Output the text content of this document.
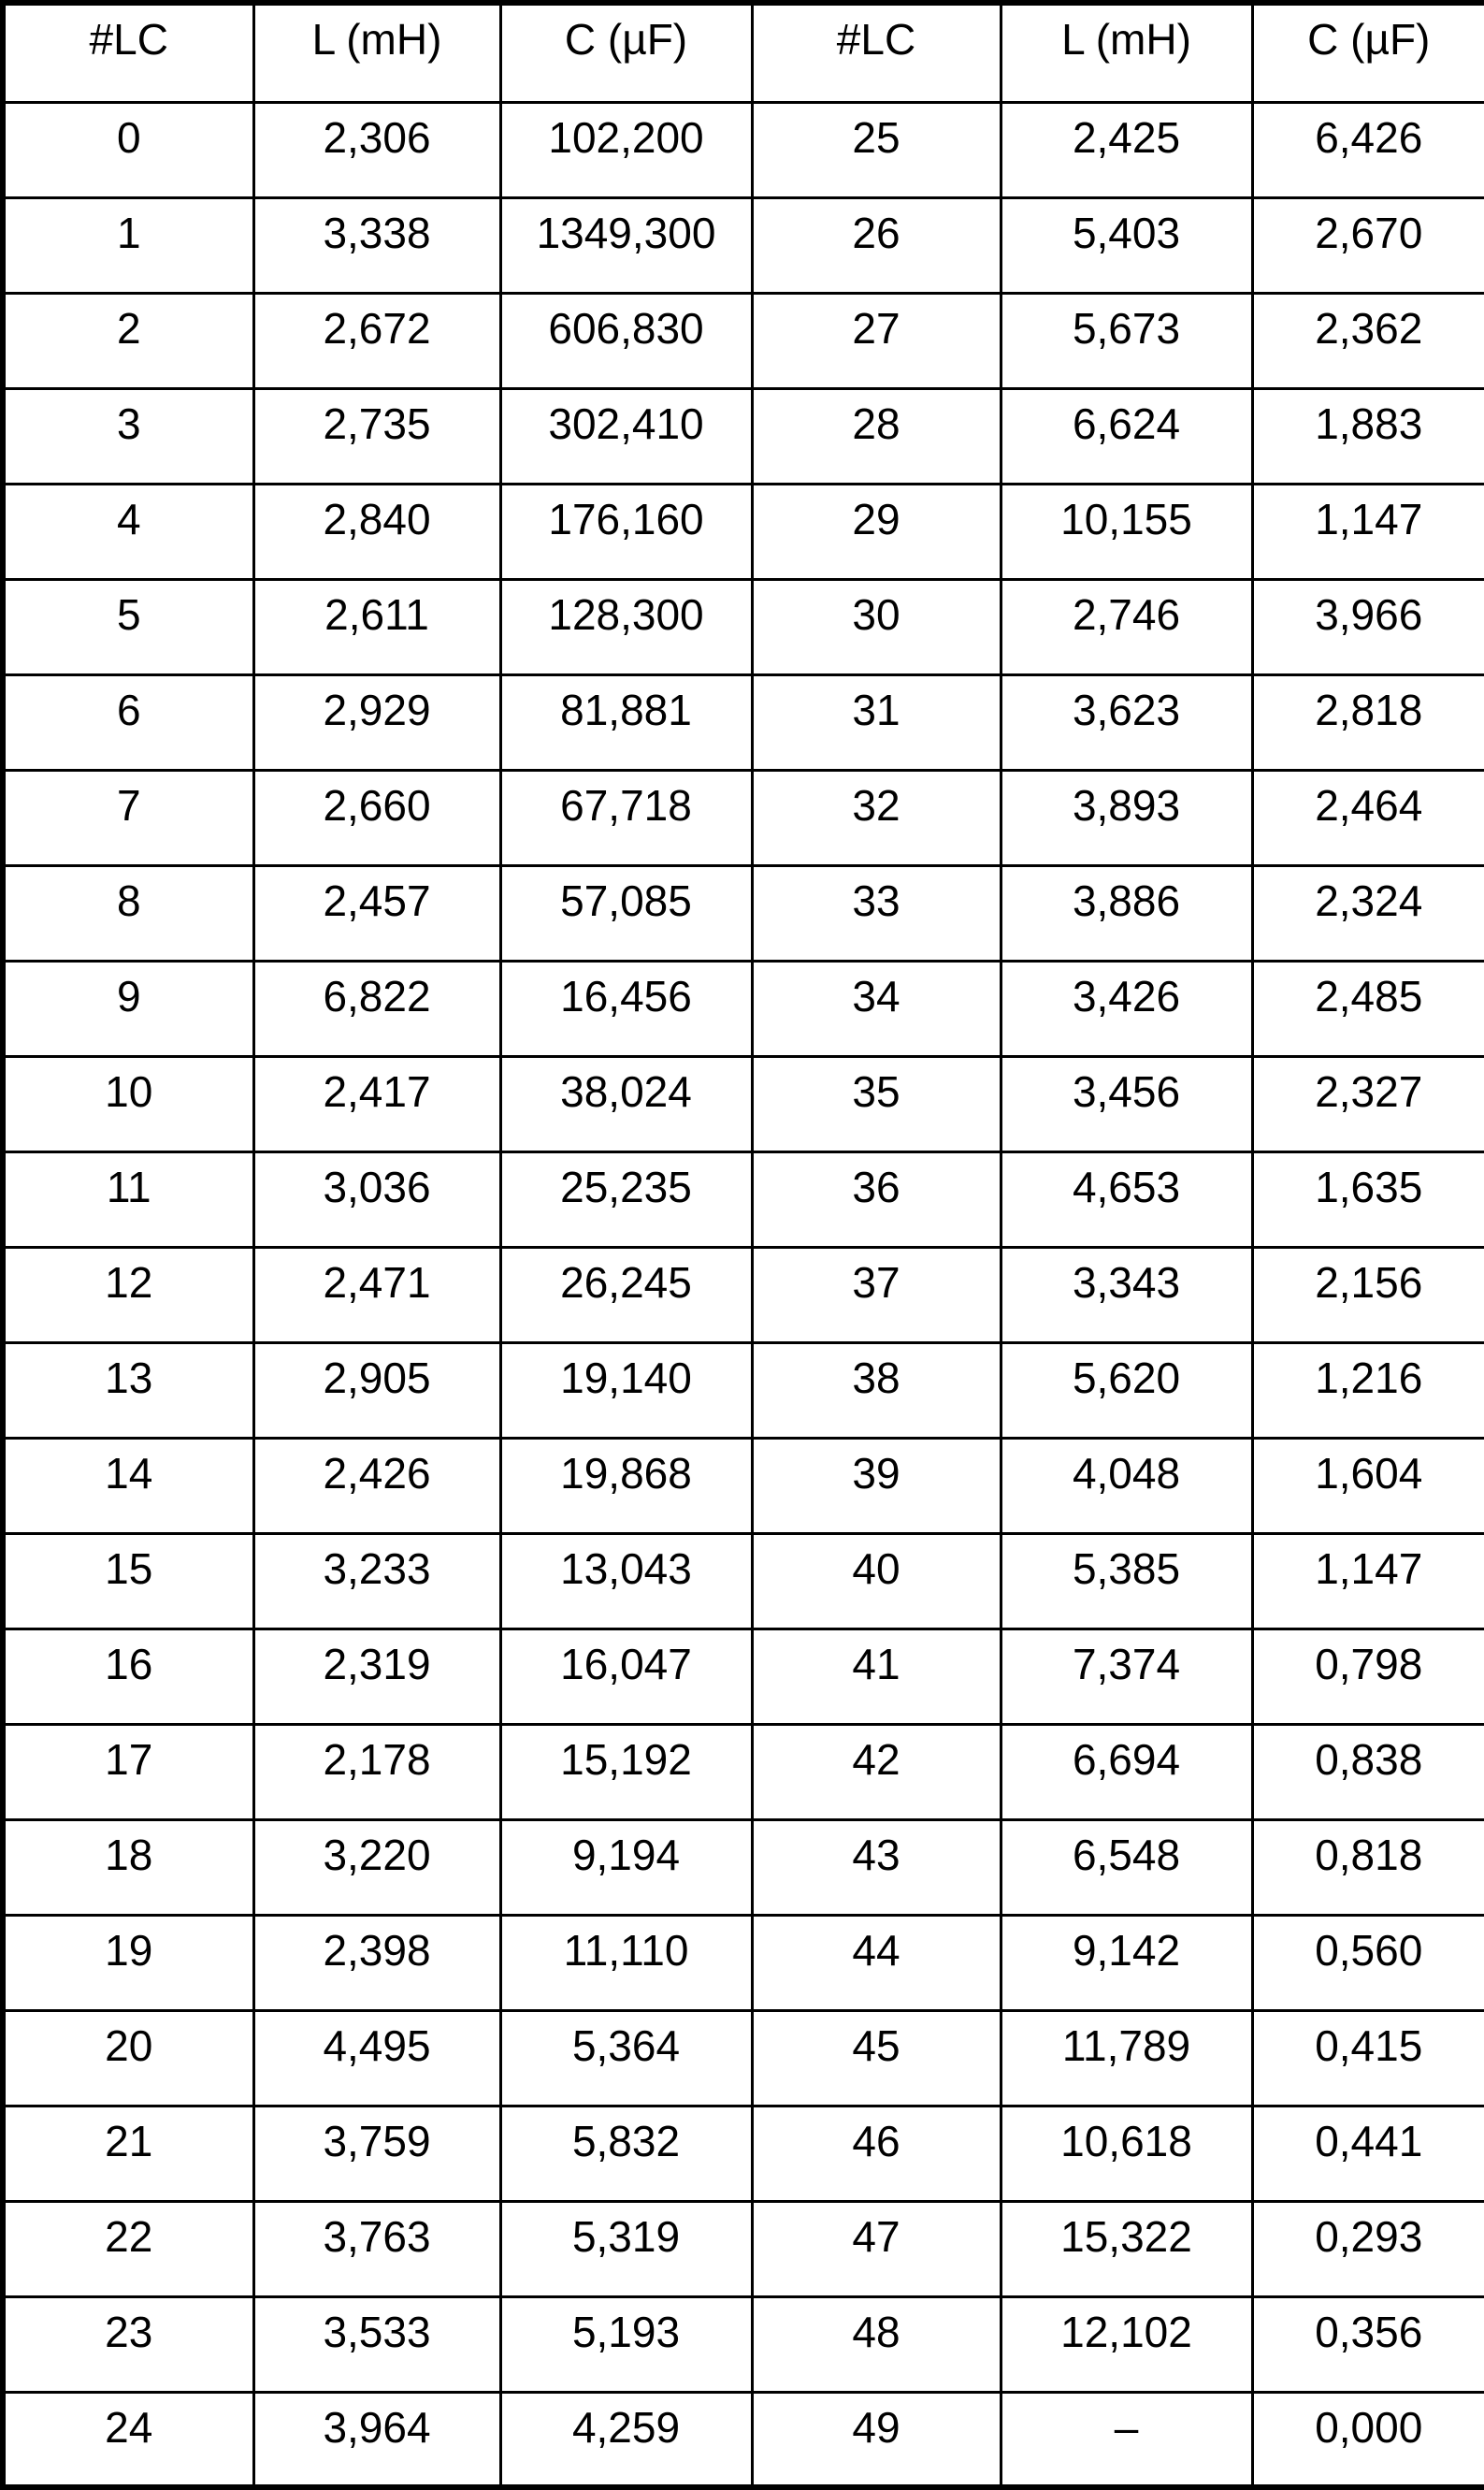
#LC	L (mH)	C (µF)	#LC	L (mH)	C (µF)
0	2,306	102,200	25	2,425	6,426
1	3,338	1349,300	26	5,403	2,670
2	2,672	606,830	27	5,673	2,362
3	2,735	302,410	28	6,624	1,883
4	2,840	176,160	29	10,155	1,147
5	2,611	128,300	30	2,746	3,966
6	2,929	81,881	31	3,623	2,818
7	2,660	67,718	32	3,893	2,464
8	2,457	57,085	33	3,886	2,324
9	6,822	16,456	34	3,426	2,485
10	2,417	38,024	35	3,456	2,327
11	3,036	25,235	36	4,653	1,635
12	2,471	26,245	37	3,343	2,156
13	2,905	19,140	38	5,620	1,216
14	2,426	19,868	39	4,048	1,604
15	3,233	13,043	40	5,385	1,147
16	2,319	16,047	41	7,374	0,798
17	2,178	15,192	42	6,694	0,838
18	3,220	9,194	43	6,548	0,818
19	2,398	11,110	44	9,142	0,560
20	4,495	5,364	45	11,789	0,415
21	3,759	5,832	46	10,618	0,441
22	3,763	5,319	47	15,322	0,293
23	3,533	5,193	48	12,102	0,356
24	3,964	4,259	49	–	0,000
